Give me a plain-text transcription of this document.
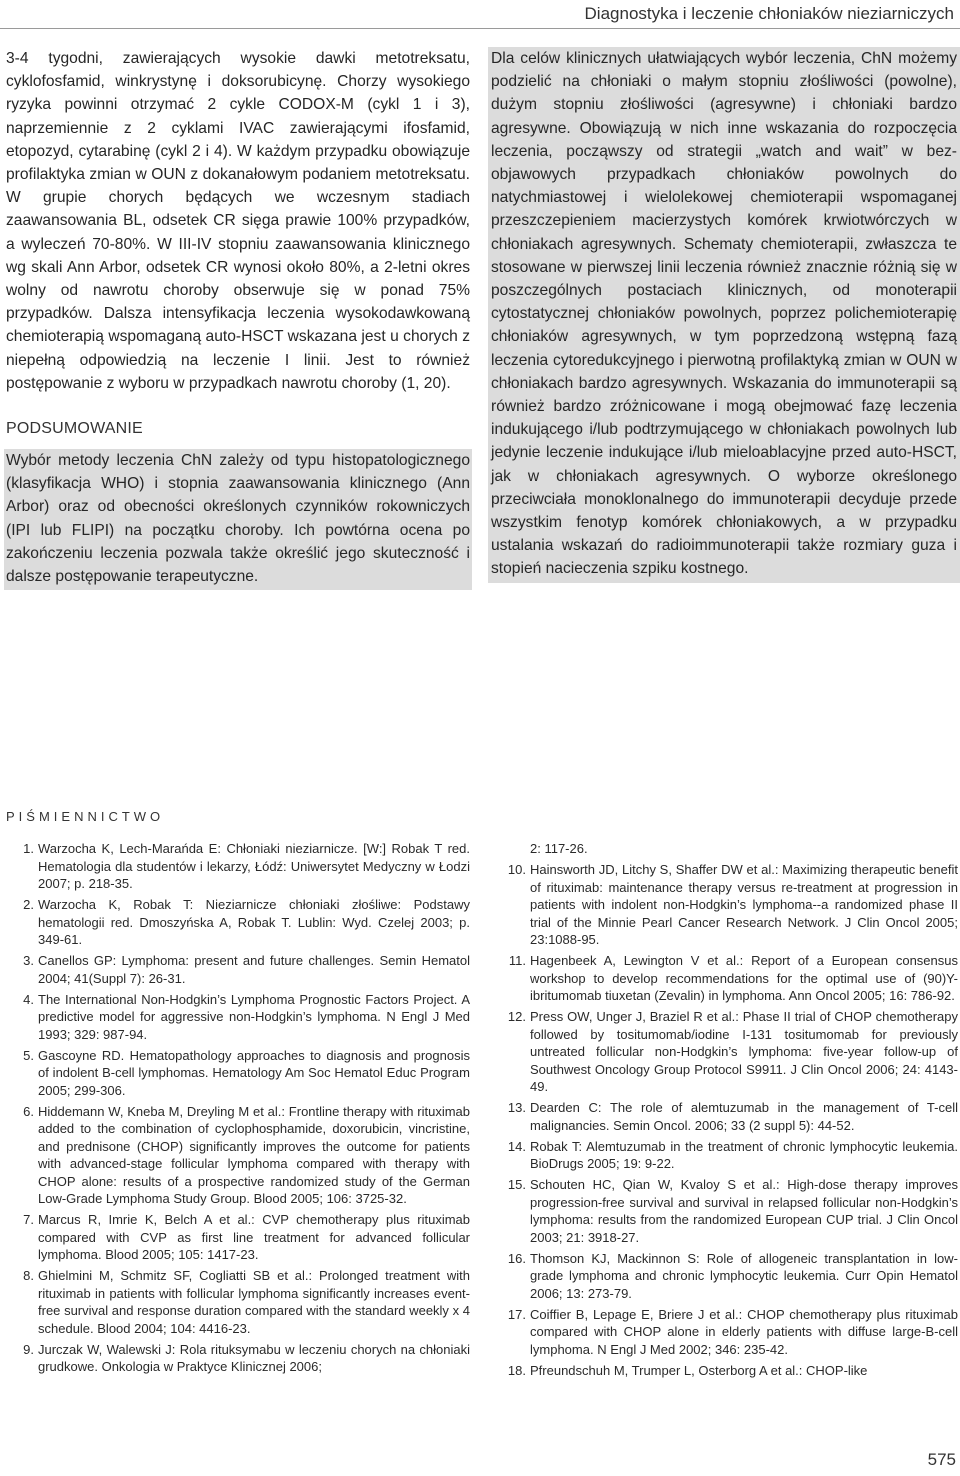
Diagnostyka i leczenie chłoniaków nieziarniczych

3-4 tygodni, zawierających wysokie dawki metotreksatu, cyklofosfamid, winkrystynę i doksorubicynę. Chorzy wysokiego ryzyka powinni otrzymać 2 cykle CODOX-M (cykl 1 i 3), naprzemiennie z 2 cyklami IVAC zawierającymi ifosfamid, etopozyd, cytarabinę (cykl 2 i 4). W każdym przypadku obowiązuje profilaktyka zmian w OUN z dokanałowym podaniem metotreksatu. W grupie chorych będących we wczesnym stadiach zaawansowania BL, odsetek CR sięga prawie 100% przypadków, a wyleczeń 70-80%. W III-IV stopniu zaawansowania klinicznego wg skali Ann Arbor, odsetek CR wynosi około 80%, a 2-letni okres wolny od nawrotu choroby obserwuje się w ponad 75% przypadków. Dalsza intensyfikacja leczenia wysokodawkowaną chemioterapią wspomaganą auto-HSCT wskazana jest u chorych z niepełną odpowiedzią na leczenie I linii. Jest to również postępowanie z wyboru w przypadkach nawrotu choroby (1, 20).

PODSUMOWANIE

Wybór metody leczenia ChN zależy od typu histopatologicznego (klasyfikacja WHO) i stopnia zaawansowania klinicznego (Ann Arbor) oraz od obecności określonych czynników rokowniczych (IPI lub FLIPI) na początku choroby. Ich powtórna ocena po zakończeniu leczenia pozwala także określić jego skuteczność i dalsze postępowanie terapeutyczne.

Dla celów klinicznych ułatwiających wybór leczenia, ChN możemy podzielić na chłoniaki o małym stopniu złośliwości (powolne), dużym stopniu złośliwości (agresywne) i chłoniaki bardzo agresywne. Obowiązują w nich inne wskazania do rozpoczęcia leczenia, począwszy od strategii „watch and wait” w bezobjawowych przypadkach chłoniaków powolnych do natychmiastowej i wielolekowej chemioterapii wspomaganej przeszczepieniem macierzystych komórek krwiotwórczych w chłoniakach agresywnych. Schematy chemioterapii, zwłaszcza te stosowane w pierwszej linii leczenia również znacznie różnią się w poszczególnych postaciach klinicznych, od monoterapii cytostatycznej chłoniaków powolnych, poprzez polichemioterapię chłoniaków agresywnych, w tym poprzedzoną wstępną fazą leczenia cytoredukcyjnego i pierwotną profilaktyką zmian w OUN w chłoniakach bardzo agresywnych. Wskazania do immunoterapii są również bardzo zróżnicowane i mogą obejmować fazę leczenia indukującego i/lub podtrzymującego w chłoniakach powolnych lub jedynie leczenie indukujące i/lub mieloablacyjne przed auto-HSCT, jak w chłoniakach agresywnych. O wyborze określonego przeciwciała monoklonalnego do immunoterapii decyduje przede wszystkim fenotyp komórek chłoniakowych, a w przypadku ustalania wskazań do radioimmunoterapii także rozmiary guza i stopień nacieczenia szpiku kostnego.

PIŚMIENNICTWO
1. Warzocha K, Lech-Marańda E: Chłoniaki nieziarnicze. [W:] Robak T red. Hematologia dla studentów i lekarzy, Łódź: Uniwersytet Medyczny w Łodzi 2007; p. 218-35.
2. Warzocha K, Robak T: Nieziarnicze chłoniaki złośliwe: Podstawy hematologii red. Dmoszyńska A, Robak T. Lublin: Wyd. Czelej 2003; p. 349-61.
3. Canellos GP: Lymphoma: present and future challenges. Semin Hematol 2004; 41(Suppl 7): 26-31.
4. The International Non-Hodgkin’s Lymphoma Prognostic Factors Project. A predictive model for aggressive non-Hodgkin’s lymphoma. N Engl J Med 1993; 329: 987-94.
5. Gascoyne RD. Hematopathology approaches to diagnosis and prognosis of indolent B-cell lymphomas. Hematology Am Soc Hematol Educ Program 2005; 299-306.
6. Hiddemann W, Kneba M, Dreyling M et al.: Frontline therapy with rituximab added to the combination of cyclophosphamide, doxorubicin, vincristine, and prednisone (CHOP) significantly improves the outcome for patients with advanced-stage follicular lymphoma compared with therapy with CHOP alone: results of a prospective randomized study of the German Low-Grade Lymphoma Study Group. Blood 2005; 106: 3725-32.
7. Marcus R, Imrie K, Belch A et al.: CVP chemotherapy plus rituximab compared with CVP as first line treatment for advanced follicular lymphoma. Blood 2005; 105: 1417-23.
8. Ghielmini M, Schmitz SF, Cogliatti SB et al.: Prolonged treatment with rituximab in patients with follicular lymphoma significantly increases event-free survival and response duration compared with the standard weekly x 4 schedule. Blood 2004; 104: 4416-23.
9. Jurczak W, Walewski J: Rola rituksymabu w leczeniu chorych na chłoniaki grudkowe. Onkologia w Praktyce Klinicznej 2006;
2: 117-26.
10. Hainsworth JD, Litchy S, Shaffer DW et al.: Maximizing therapeutic benefit of rituximab: maintenance therapy versus re-treatment at progression in patients with indolent non-Hodgkin’s lymphoma--a randomized phase II trial of the Minnie Pearl Cancer Research Network. J Clin Oncol 2005; 23:1088-95.
11. Hagenbeek A, Lewington V et al.: Report of a European consensus workshop to develop recommendations for the optimal use of (90)Y-ibritumomab tiuxetan (Zevalin) in lymphoma. Ann Oncol 2005; 16: 786-92.
12. Press OW, Unger J, Braziel R et al.: Phase II trial of CHOP chemotherapy followed by tositumomab/iodine I-131 tositumomab for previously untreated follicular non-Hodgkin’s lymphoma: five-year follow-up of Southwest Oncology Group Protocol S9911. J Clin Oncol 2006; 24: 4143-49.
13. Dearden C: The role of alemtuzumab in the management of T-cell malignancies. Semin Oncol. 2006; 33 (2 suppl 5): 44-52.
14. Robak T: Alemtuzumab in the treatment of chronic lymphocytic leukemia. BioDrugs 2005; 19: 9-22.
15. Schouten HC, Qian W, Kvaloy S et al.: High-dose therapy improves progression-free survival and survival in relapsed follicular non-Hodgkin’s lymphoma: results from the randomized European CUP trial. J Clin Oncol 2003; 21: 3918-27.
16. Thomson KJ, Mackinnon S: Role of allogeneic transplantation in low-grade lymphoma and chronic lymphocytic leukemia. Curr Opin Hematol 2006; 13: 273-79.
17. Coiffier B, Lepage E, Briere J et al.: CHOP chemotherapy plus rituximab compared with CHOP alone in elderly patients with diffuse large-B-cell lymphoma. N Engl J Med 2002; 346: 235-42.
18. Pfreundschuh M, Trumper L, Osterborg A et al.: CHOP-like
575
